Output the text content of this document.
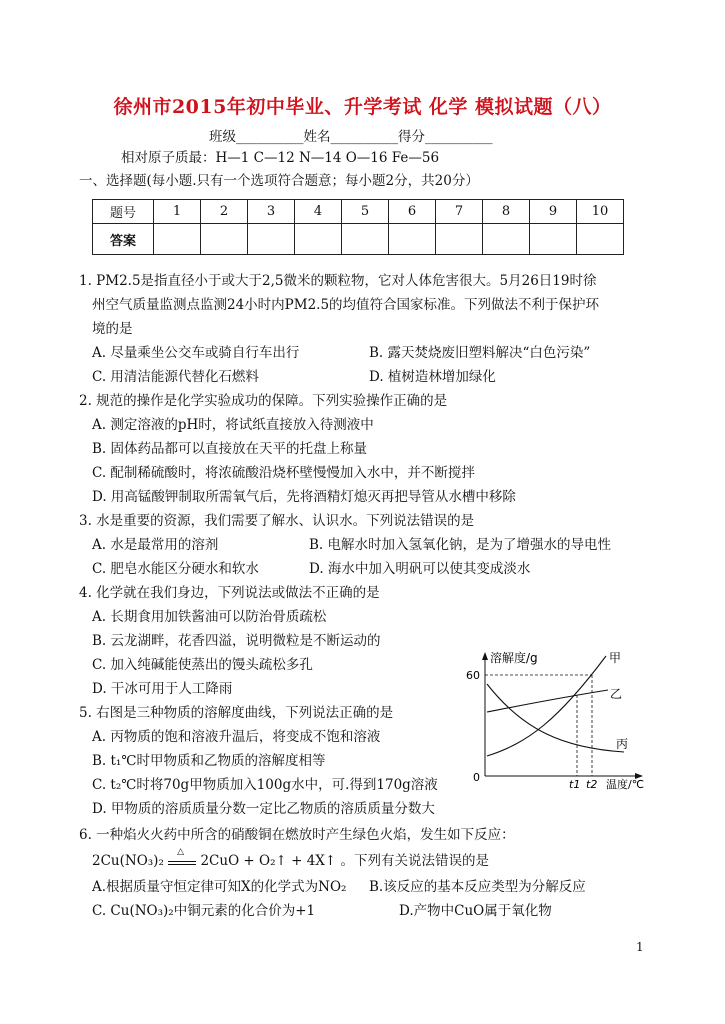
徐州市2015年初中毕业、升学考试 化学 模拟试题（八）
班级__________姓名__________得分__________
相对原子质最：H—1 C—12 N—14 O—16 Fe—56
一、选择题(每小题.只有一个选项符合题意；每小题2分，共20分）
题号	1	2	3	4	5	6	7	8	9	10
答案										
1. PM2.5是指直径小于或大于2,5微米的颗粒物，它对人体危害很大。5月26日19时徐
州空气质量监测点监测24小时内PM2.5的均值符合国家标准。下列做法不利于保护环
境的是
A. 尽量乘坐公交车或骑自行车出行	B. 露天焚烧废旧塑料解决“白色污染”
C. 用清洁能源代替化石燃料	D. 植树造林增加绿化
2. 规范的操作是化学实验成功的保障。下列实验操作正确的是
A. 测定溶液的pH时，将试纸直接放入待测液中
B. 固体药品都可以直接放在天平的托盘上称量
C. 配制稀硫酸时，将浓硫酸沿烧杯壁慢慢加入水中，并不断搅拌
D. 用高锰酸钾制取所需氧气后，先将酒精灯熄灭再把导管从水槽中移除
3. 水是重要的资源，我们需要了解水、认识水。下列说法错误的是
A. 水是最常用的溶剂	B. 电解水时加入氢氧化钠，是为了增强水的导电性
C. 肥皂水能区分硬水和软水	D. 海水中加入明矾可以使其变成淡水
4. 化学就在我们身边，下列说法或做法不正确的是
A. 长期食用加铁酱油可以防治骨质疏松
B. 云龙湖畔，花香四溢，说明微粒是不断运动的
C. 加入纯碱能使蒸出的馒头疏松多孔
D. 干冰可用于人工降雨
5. 右图是三种物质的溶解度曲线，下列说法正确的是
A. 丙物质的饱和溶液升温后，将变成不饱和溶液
B. t₁℃时甲物质和乙物质的溶解度相等
C. t₂℃时将70g甲物质加入100g水中，可.得到170g溶液
D. 甲物质的溶质质量分数一定比乙物质的溶质质量分数大
溶解度/g
60
0
t1 t2 温度/℃
甲
乙
丙
6. 一种焰火火药中所含的硝酸铜在燃放时产生绿色火焰，发生如下反应：
2Cu(NO₃)₂
△
2CuO + O₂↑ + 4X↑ 。下列有关说法错误的是
A.根据质量守恒定律可知X的化学式为NO₂ B.该反应的基本反应类型为分解反应
C. Cu(NO₃)₂中铜元素的化合价为+1	D.产物中CuO属于氧化物
1
